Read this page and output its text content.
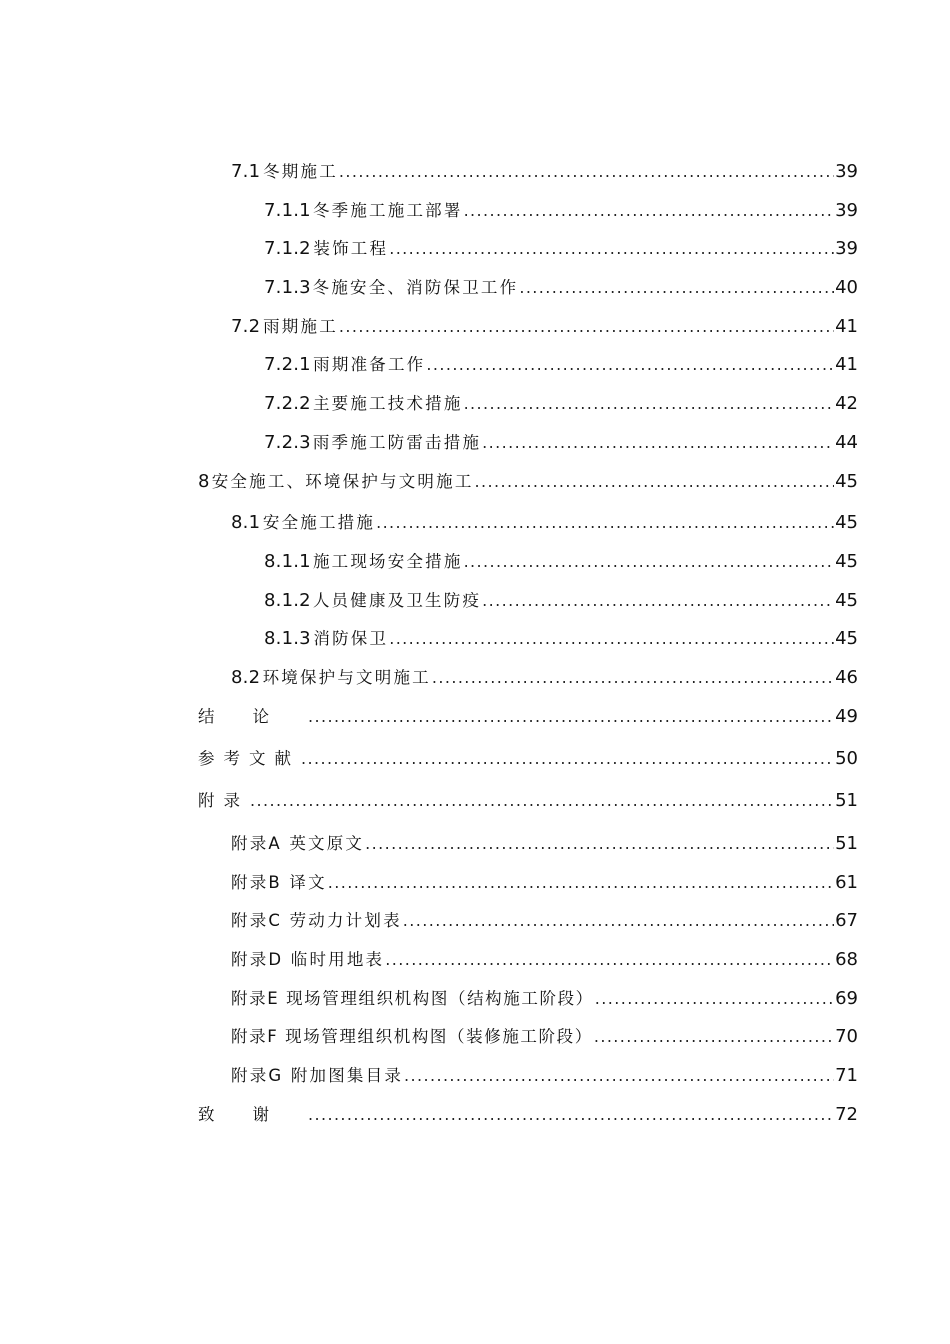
7.1 冬期施工 .....	39
7.1.1 冬季施工施工部署 .....	39
7.1.2 装饰工程 .....	39
7.1.3 冬施安全、消防保卫工作 .....	40
7.2 雨期施工 .....	41
7.2.1 雨期准备工作 .....	41
7.2.2 主要施工技术措施 .....	42
7.2.3 雨季施工防雷击措施 .....	44
8 安全施工、环境保护与文明施工 .....	45
8.1 安全施工措施 .....	45
8.1.1 施工现场安全措施 .....	45
8.1.2 人员健康及卫生防疫 .....	45
8.1.3 消防保卫 .....	45
8.2 环境保护与文明施工 .....	46
结论 .....	49
参考文献 .....	50
附录 .....	51
附录A 英文原文 .....	51
附录B 译文 .....	61
附录C 劳动力计划表 .....	67
附录D 临时用地表 .....	68
附录E 现场管理组织机构图（结构施工阶段） .....	69
附录F 现场管理组织机构图（装修施工阶段） .....	70
附录G 附加图集目录 .....	71
致谢 .....	72
